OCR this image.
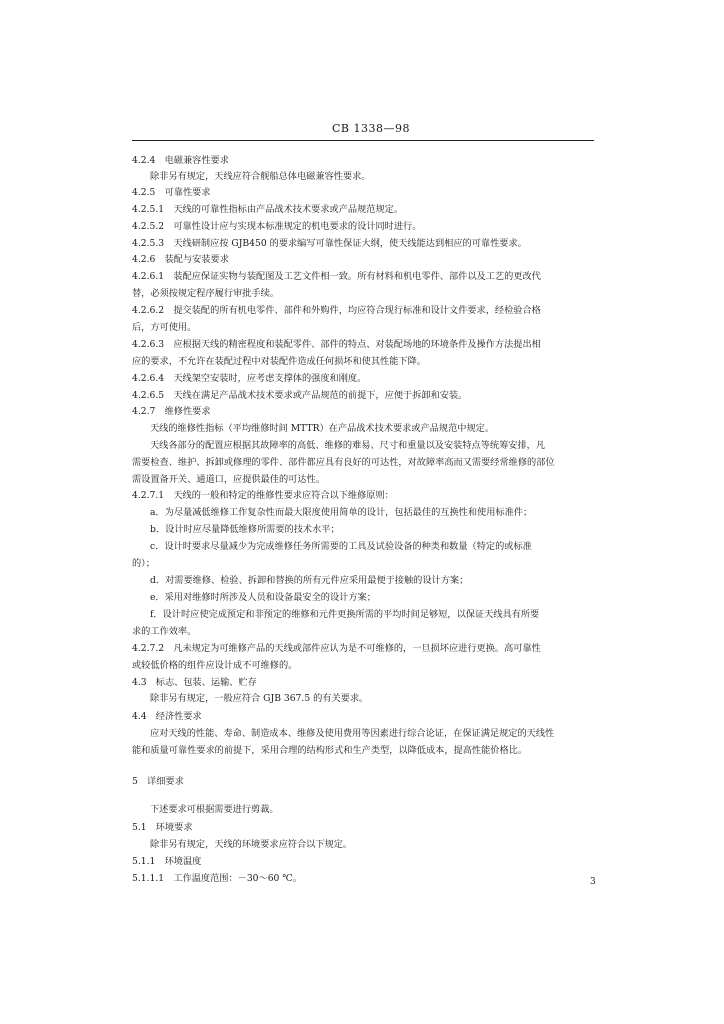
CB 1338—98
4.2.4　电磁兼容性要求
除非另有规定，天线应符合舰船总体电磁兼容性要求。
4.2.5　可靠性要求
4.2.5.1　天线的可靠性指标由产品战术技术要求或产品规范规定。
4.2.5.2　可靠性设计应与实现本标准规定的机电要求的设计同时进行。
4.2.5.3　天线研制应按 GJB450 的要求编写可靠性保证大纲，使天线能达到相应的可靠性要求。
4.2.6　装配与安装要求
4.2.6.1　装配应保证实物与装配图及工艺文件相一致。所有材料和机电零件、部件以及工艺的更改代
替，必须按规定程序履行审批手续。
4.2.6.2　提交装配的所有机电零件、部件和外购件，均应符合现行标准和设计文件要求，经检验合格
后，方可使用。
4.2.6.3　应根据天线的精密程度和装配零件、部件的特点、对装配场地的环境条件及操作方法提出相
应的要求，不允许在装配过程中对装配件造成任何损坏和使其性能下降。
4.2.6.4　天线架空安装时，应考虑支撑体的强度和刚度。
4.2.6.5　天线在满足产品战术技术要求或产品规范的前提下，应便于拆卸和安装。
4.2.7　维修性要求
天线的维修性指标（平均维修时间 MTTR）在产品战术技术要求或产品规范中规定。
天线各部分的配置应根据其故障率的高低、维修的难易、尺寸和重量以及安装特点等统筹安排，凡
需要检查、维护、拆卸或修理的零件、部件都应具有良好的可达性，对故障率高而又需要经常维修的部位
需设置备开关、通道口，应提供最佳的可达性。
4.2.7.1　天线的一般和特定的维修性要求应符合以下维修原则：
a．为尽量减低维修工作复杂性而最大限度使用简单的设计，包括最佳的互换性和使用标准件；
b．设计时应尽量降低维修所需要的技术水平；
c．设计时要求尽量减少为完成维修任务所需要的工具及试验设备的种类和数量（特定的或标准
的）；
d．对需要维修、检验、拆卸和替换的所有元件应采用最便于接触的设计方案；
e．采用对维修时所涉及人员和设备最安全的设计方案；
f．设计时应使完成预定和非预定的维修和元件更换所需的平均时间足够短，以保证天线具有所要
求的工作效率。
4.2.7.2　凡未规定为可维修产品的天线或部件应认为是不可维修的，一旦损坏应进行更换。高可靠性
或较低价格的组件应设计成不可维修的。
4.3　标志、包装、运输、贮存
除非另有规定，一般应符合 GJB 367.5 的有关要求。
4.4　经济性要求
应对天线的性能、寿命、制造成本、维修及使用费用等因素进行综合论证，在保证满足规定的天线性
能和质量可靠性要求的前提下，采用合理的结构形式和生产类型，以降低成本，提高性能价格比。
5　详细要求
下述要求可根据需要进行剪裁。
5.1　环境要求
除非另有规定，天线的环境要求应符合以下规定。
5.1.1　环境温度
5.1.1.1　工作温度范围：－30～60 ℃。	3
